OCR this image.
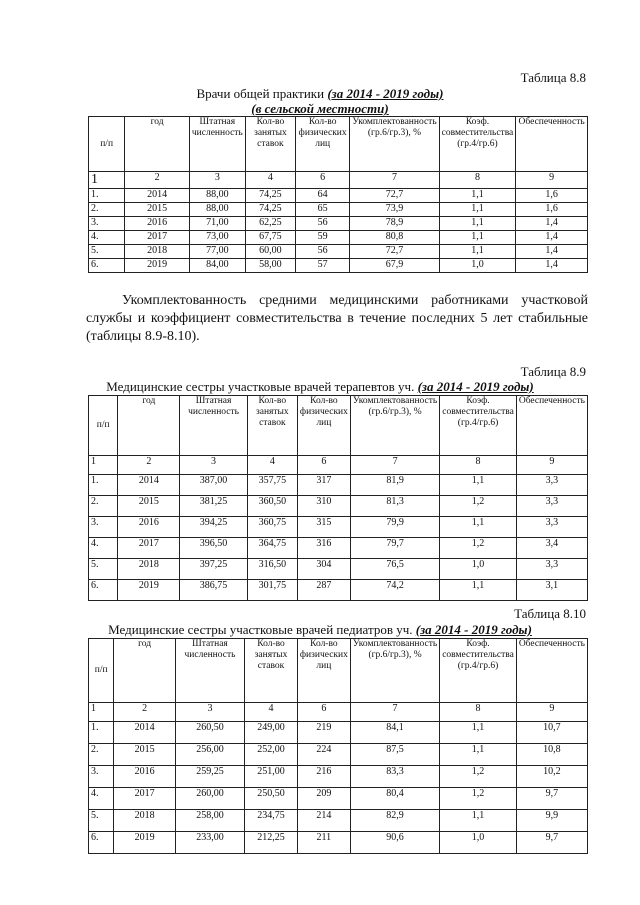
Таблица 8.8
Врачи общей практики (за 2014 - 2019 годы)
(в сельской местности)
п/п	год	Штатная численность	Кол-во занятых ставок	Кол-во физических лиц	Укомплектованность (гр.6/гр.3), %	Коэф. совместительства (гр.4/гр.6)	Обеспеченность
1	2	3	4	6	7	8	9
1.	2014	88,00	74,25	64	72,7	1,1	1,6
2.	2015	88,00	74,25	65	73,9	1,1	1,6
3.	2016	71,00	62,25	56	78,9	1,1	1,4
4.	2017	73,00	67,75	59	80,8	1,1	1,4
5.	2018	77,00	60,00	56	72,7	1,1	1,4
6.	2019	84,00	58,00	57	67,9	1,0	1,4
Укомплектованность средними медицинскими работниками участковой службы и коэффициент совместительства в течение последних 5 лет стабильные (таблицы 8.9-8.10).
Таблица 8.9
Медицинские сестры участковые врачей терапевтов уч. (за 2014 - 2019 годы)
п/п	год	Штатная численность	Кол-во занятых ставок	Кол-во физических лиц	Укомплектованность (гр.6/гр.3), %	Коэф. совместительства (гр.4/гр.6)	Обеспеченность
1	2	3	4	6	7	8	9
1.	2014	387,00	357,75	317	81,9	1,1	3,3
2.	2015	381,25	360,50	310	81,3	1,2	3,3
3.	2016	394,25	360,75	315	79,9	1,1	3,3
4.	2017	396,50	364,75	316	79,7	1,2	3,4
5.	2018	397,25	316,50	304	76,5	1,0	3,3
6.	2019	386,75	301,75	287	74,2	1,1	3,1
Таблица 8.10
Медицинские сестры участковые врачей педиатров уч. (за 2014 - 2019 годы)
п/п	год	Штатная численность	Кол-во занятых ставок	Кол-во физических лиц	Укомплектованность (гр.6/гр.3), %	Коэф. совместительства (гр.4/гр.6)	Обеспеченность
1	2	3	4	6	7	8	9
1.	2014	260,50	249,00	219	84,1	1,1	10,7
2.	2015	256,00	252,00	224	87,5	1,1	10,8
3.	2016	259,25	251,00	216	83,3	1,2	10,2
4.	2017	260,00	250,50	209	80,4	1,2	9,7
5.	2018	258,00	234,75	214	82,9	1,1	9,9
6.	2019	233,00	212,25	211	90,6	1,0	9,7
